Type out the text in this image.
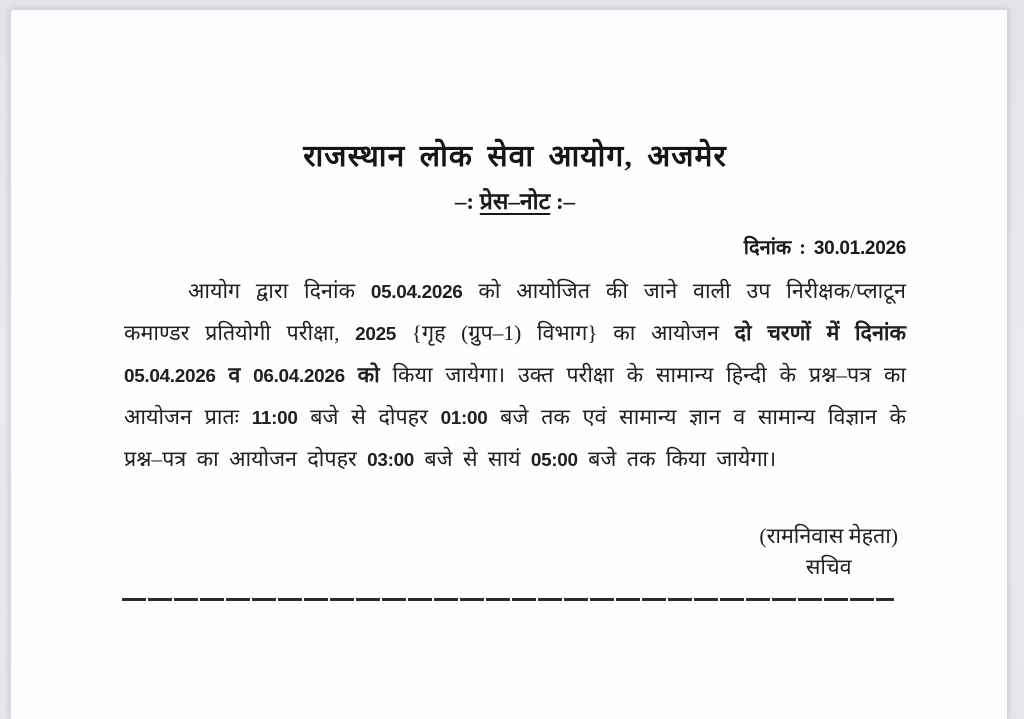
राजस्थान लोक सेवा आयोग, अजमेर
–: प्रेस–नोट :–
दिनांक : 30.01.2026

आयोग द्वारा दिनांक 05.04.2026 को आयोजित की जाने वाली उप निरीक्षक/प्लाटून कमाण्डर प्रतियोगी परीक्षा, 2025 {गृह (ग्रुप–1) विभाग} का आयोजन दो चरणों में दिनांक 05.04.2026 व 06.04.2026 को किया जायेगा। उक्त परीक्षा के सामान्य हिन्दी के प्रश्न–पत्र का आयोजन प्रातः 11:00 बजे से दोपहर 01:00 बजे तक एवं सामान्य ज्ञान व सामान्य विज्ञान के प्रश्न–पत्र का आयोजन दोपहर 03:00 बजे से सायं 05:00 बजे तक किया जायेगा।

(रामनिवास मेहता)
सचिव
